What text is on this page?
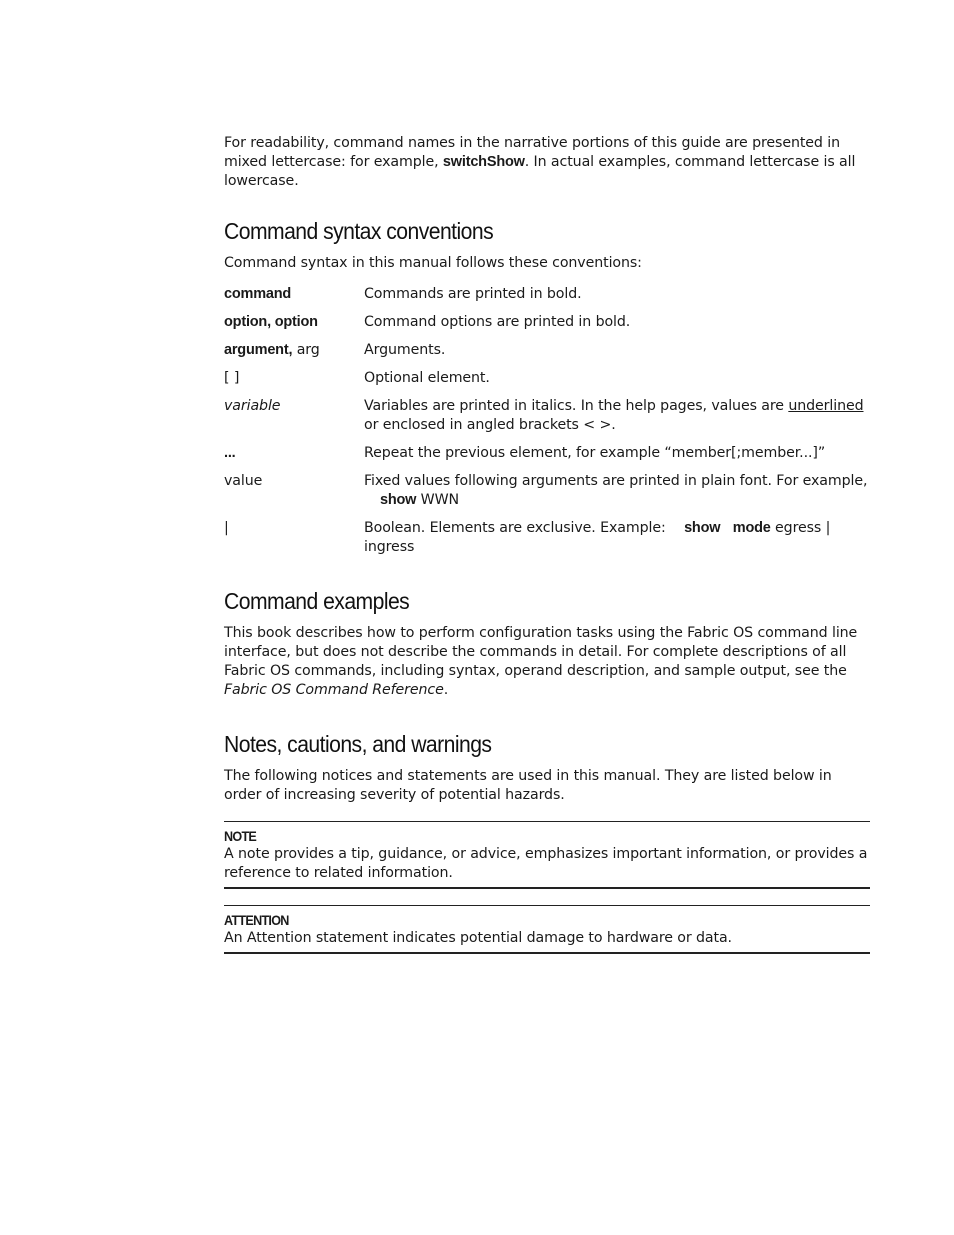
For readability, command names in the narrative portions of this guide are presented in mixed lettercase: for example, switchShow. In actual examples, command lettercase is all lowercase.

Command syntax conventions

Command syntax in this manual follows these conventions:

command	Commands are printed in bold.
option, option	Command options are printed in bold.
argument, arg	Arguments.
[ ]	Optional element.
variable	Variables are printed in italics. In the help pages, values are underlined or enclosed in angled brackets < >.
...	Repeat the previous element, for example “member[;member...]”
value	Fixed values following arguments are printed in plain font. For example,
show WWN
|	Boolean. Elements are exclusive. Example: show mode egress | ingress
Command examples

This book describes how to perform configuration tasks using the Fabric OS command line interface, but does not describe the commands in detail. For complete descriptions of all Fabric OS commands, including syntax, operand description, and sample output, see the Fabric OS Command Reference.

Notes, cautions, and warnings

The following notices and statements are used in this manual. They are listed below in order of increasing severity of potential hazards.

NOTE
A note provides a tip, guidance, or advice, emphasizes important information, or provides a reference to related information.
ATTENTION
An Attention statement indicates potential damage to hardware or data.
